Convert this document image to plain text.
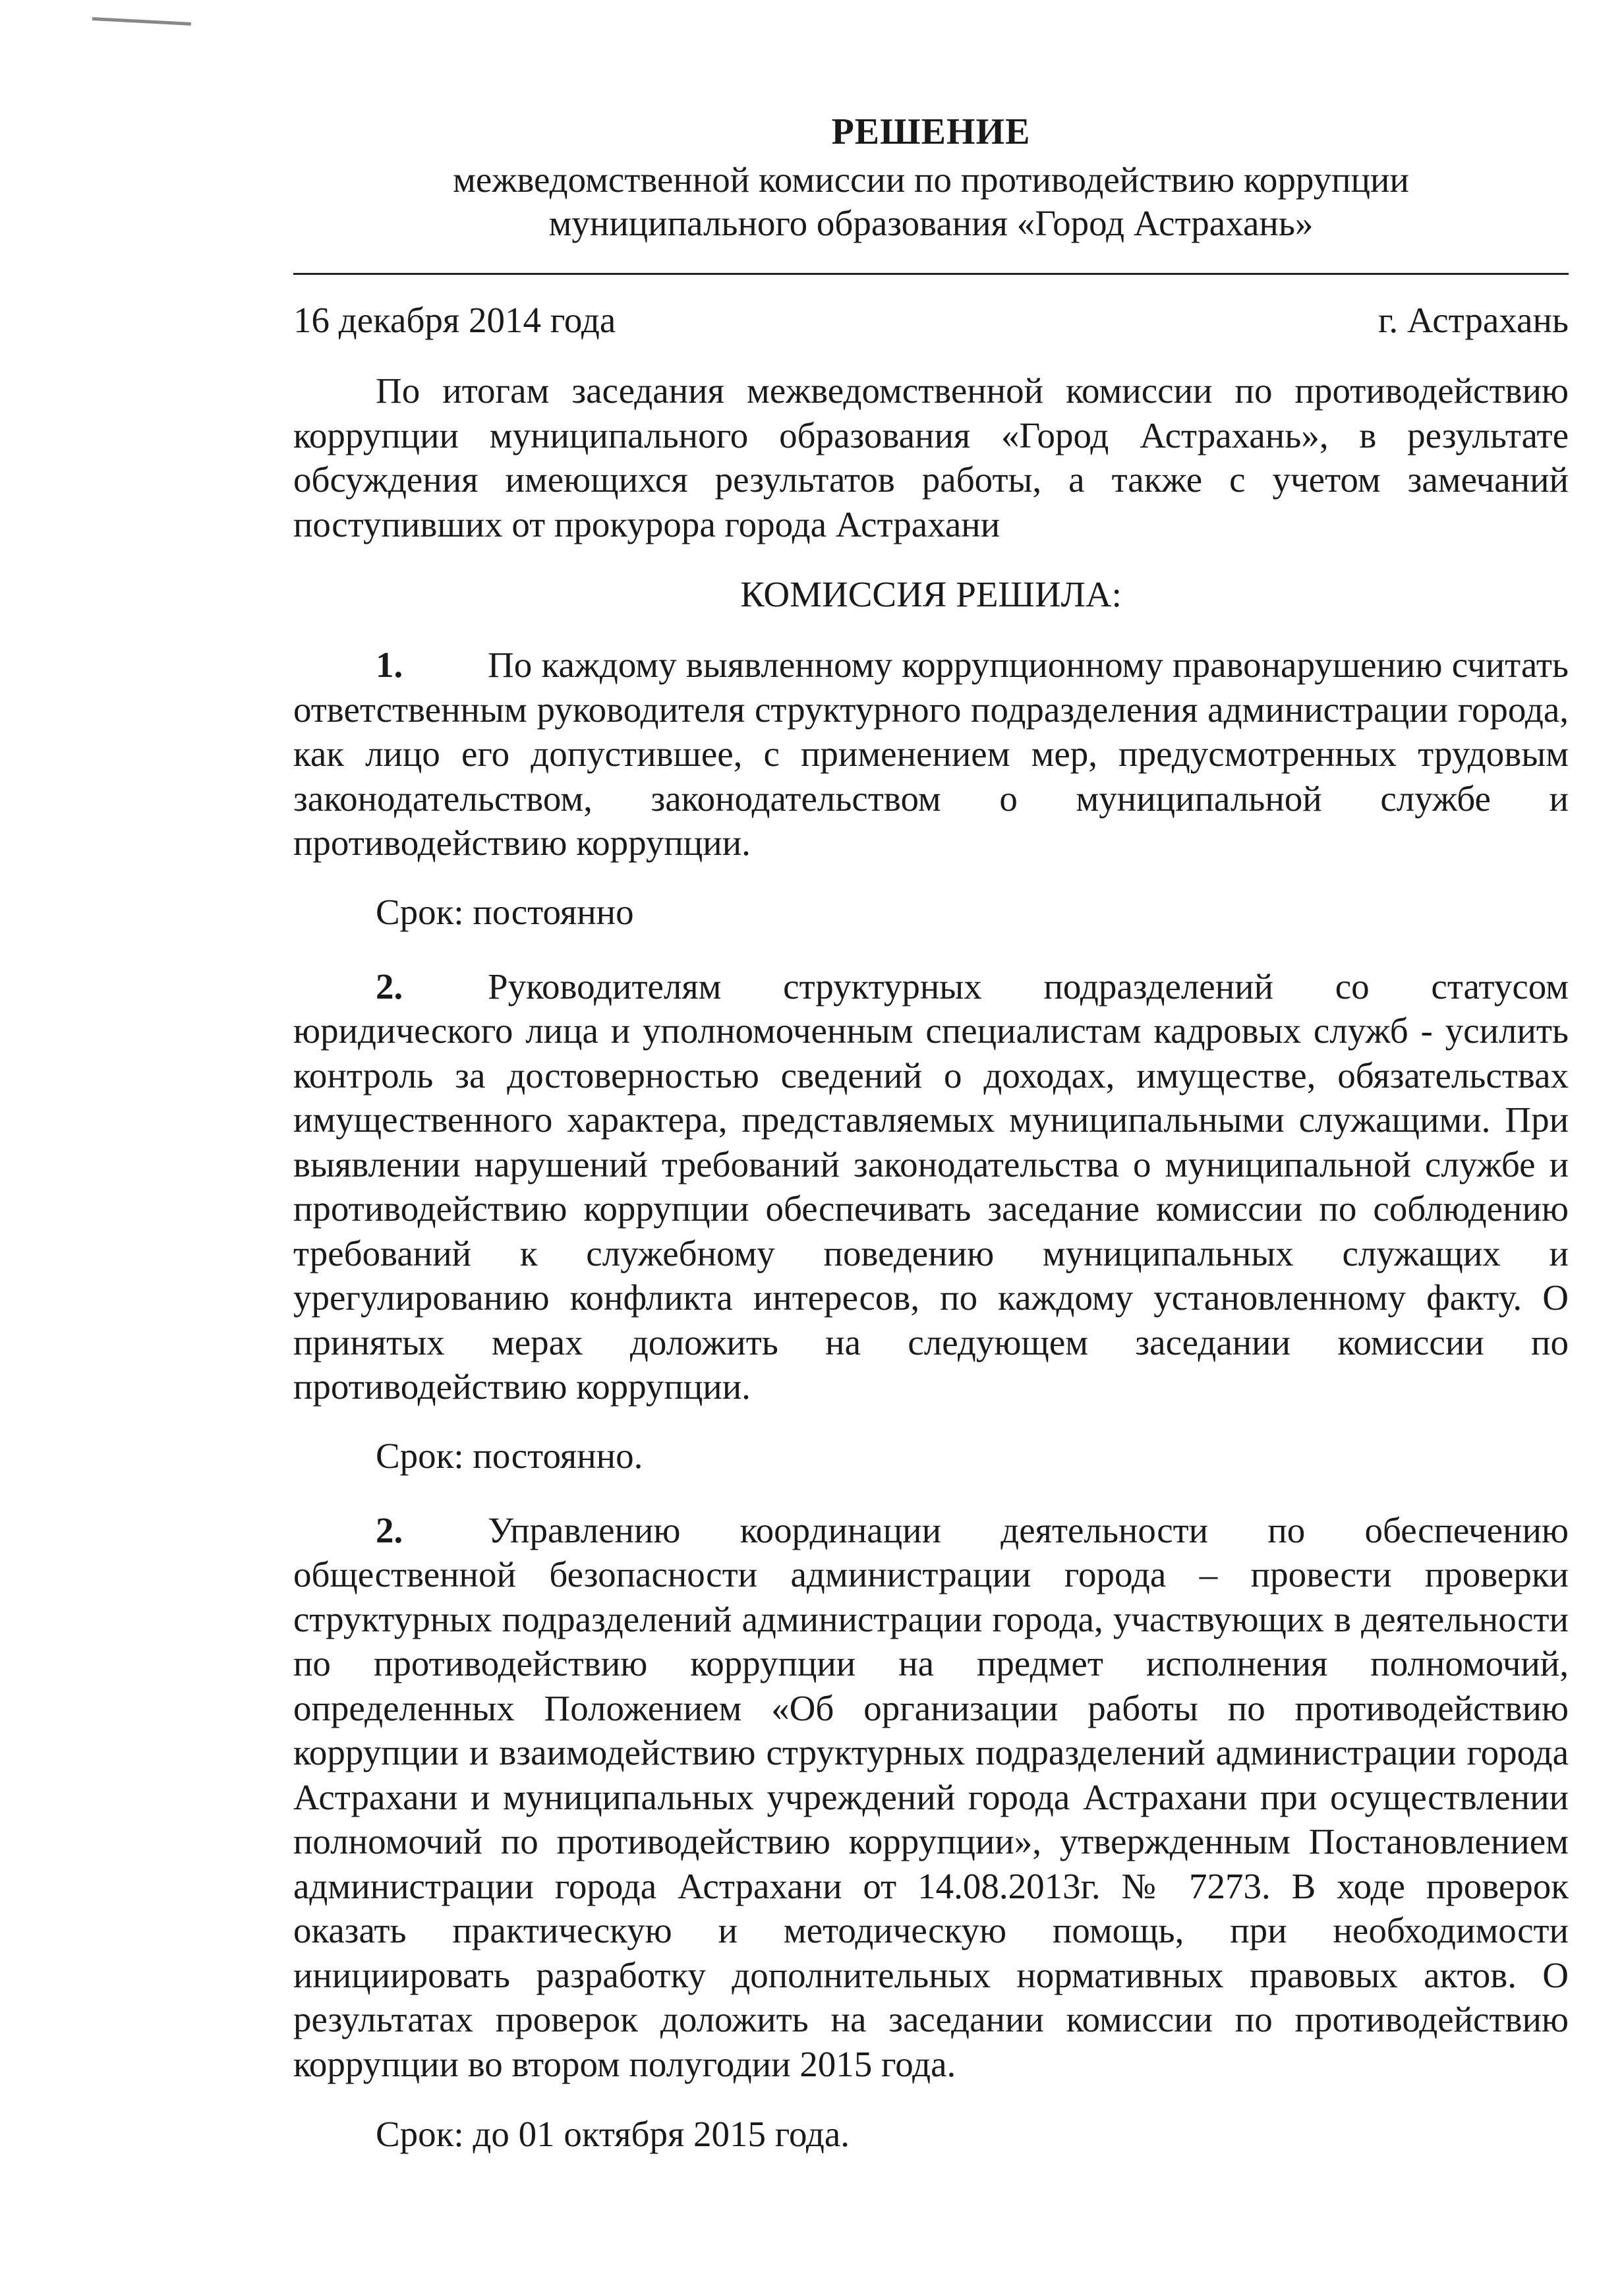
РЕШЕНИЕ

межведомственной комиссии по противодействию коррупции

муниципального образования «Город Астрахань»

16 декабря 2014 года	г. Астрахань

По итогам заседания межведомственной комиссии по противодействию коррупции муниципального образования «Город Астрахань», в результате обсуждения имеющихся результатов работы, а также с учетом замечаний поступивших от прокурора города Астрахани

КОМИССИЯ РЕШИЛА:

1. По каждому выявленному коррупционному правонарушению считать ответственным руководителя структурного подразделения администрации города, как лицо его допустившее, с применением мер, предусмотренных трудовым законодательством, законодательством о муниципальной службе и противодействию коррупции.

Срок: постоянно

2. Руководителям структурных подразделений со статусом юридического лица и уполномоченным специалистам кадровых служб - усилить контроль за достоверностью сведений о доходах, имуществе, обязательствах имущественного характера, представляемых муниципальными служащими. При выявлении нарушений требований законодательства о муниципальной службе и противодействию коррупции обеспечивать заседание комиссии по соблюдению требований к служебному поведению муниципальных служащих и урегулированию конфликта интересов, по каждому установленному факту. О принятых мерах доложить на следующем заседании комиссии по противодействию коррупции.

Срок: постоянно.

2. Управлению координации деятельности по обеспечению общественной безопасности администрации города – провести проверки структурных подразделений администрации города, участвующих в деятельности по противодействию коррупции на предмет исполнения полномочий, определенных Положением «Об организации работы по противодействию коррупции и взаимодействию структурных подразделений администрации города Астрахани и муниципальных учреждений города Астрахани при осуществлении полномочий по противодействию коррупции», утвержденным Постановлением администрации города Астрахани от 14.08.2013г. № 7273. В ходе проверок оказать практическую и методическую помощь, при необходимости инициировать разработку дополнительных нормативных правовых актов. О результатах проверок доложить на заседании комиссии по противодействию коррупции во втором полугодии 2015 года.

Срок: до 01 октября 2015 года.
